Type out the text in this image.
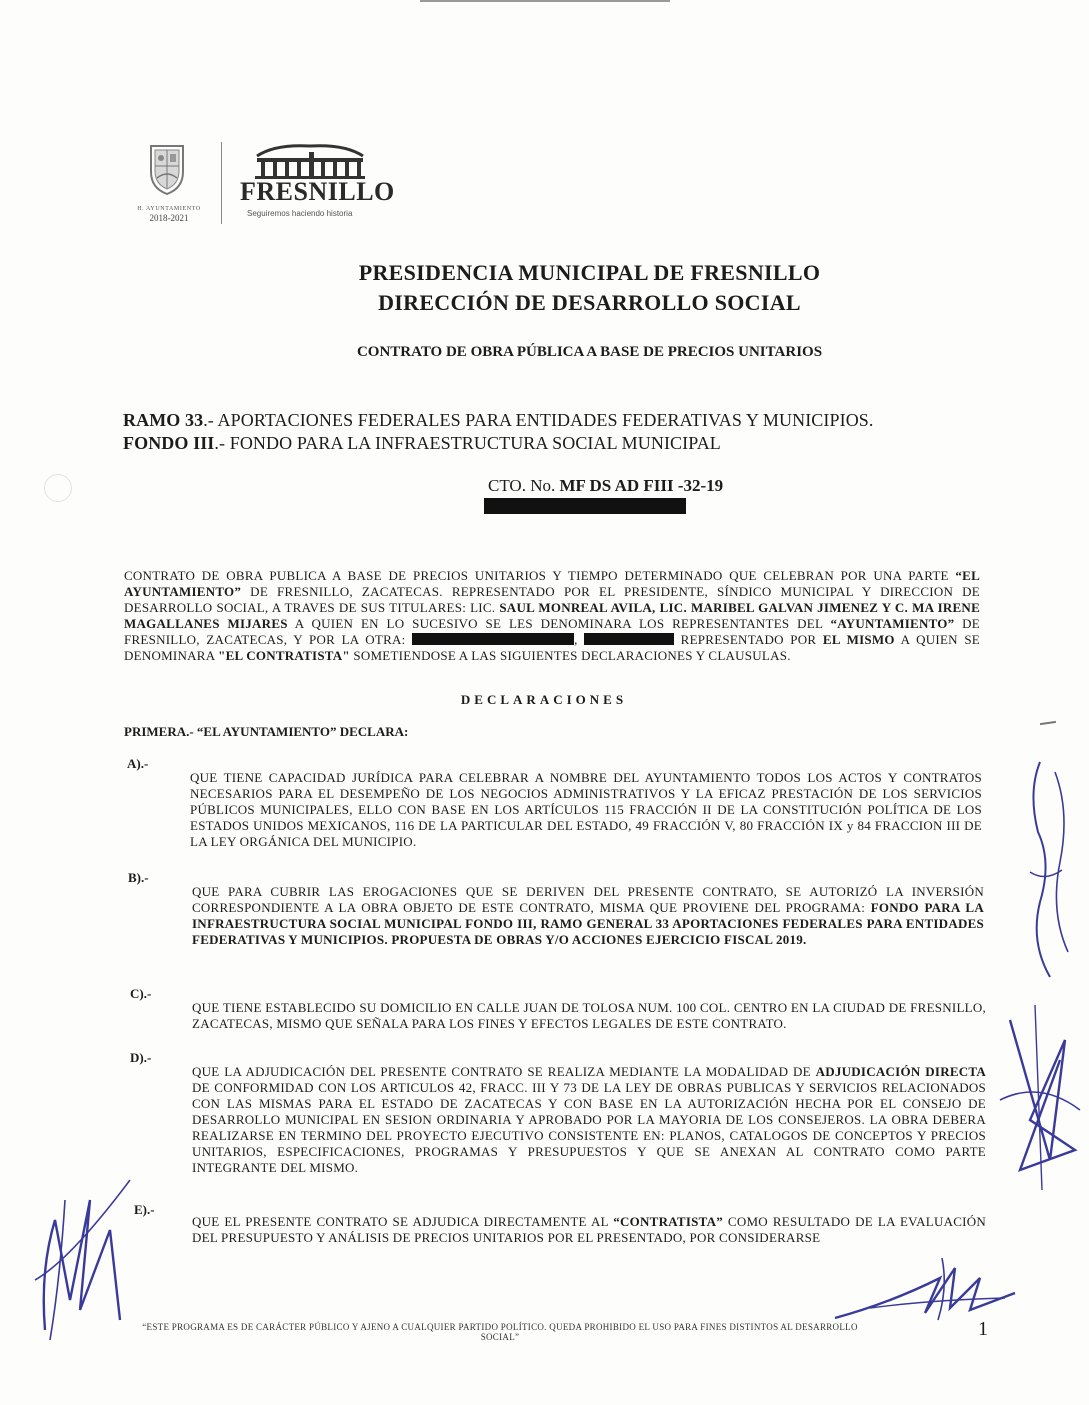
H. AYUNTAMIENTO
2018-2021
FRESNILLO
Seguiremos haciendo historia
PRESIDENCIA MUNICIPAL DE FRESNILLO
DIRECCIÓN DE DESARROLLO SOCIAL
CONTRATO DE OBRA PÚBLICA A BASE DE PRECIOS UNITARIOS
RAMO 33.- APORTACIONES FEDERALES PARA ENTIDADES FEDERATIVAS Y MUNICIPIOS.
FONDO III.- FONDO PARA LA INFRAESTRUCTURA SOCIAL MUNICIPAL
CTO. No. MF DS AD FIII -32-19
CONTRATO DE OBRA PUBLICA A BASE DE PRECIOS UNITARIOS Y TIEMPO DETERMINADO QUE CELEBRAN POR UNA PARTE “EL AYUNTAMIENTO” DE FRESNILLO, ZACATECAS. REPRESENTADO POR EL PRESIDENTE, SÍNDICO MUNICIPAL Y DIRECCION DE DESARROLLO SOCIAL, A TRAVES DE SUS TITULARES: LIC. SAUL MONREAL AVILA, LIC. MARIBEL GALVAN JIMENEZ Y C. MA IRENE MAGALLANES MIJARES A QUIEN EN LO SUCESIVO SE LES DENOMINARA LOS REPRESENTANTES DEL “AYUNTAMIENTO” DE FRESNILLO, ZACATECAS, Y POR LA OTRA:	,	REPRESENTADO POR EL MISMO A QUIEN SE DENOMINARA "EL CONTRATISTA" SOMETIENDOSE A LAS SIGUIENTES DECLARACIONES Y CLAUSULAS.
DECLARACIONES
PRIMERA.- “EL AYUNTAMIENTO” DECLARA:
A).-
QUE TIENE CAPACIDAD JURÍDICA PARA CELEBRAR A NOMBRE DEL AYUNTAMIENTO TODOS LOS ACTOS Y CONTRATOS NECESARIOS PARA EL DESEMPEÑO DE LOS NEGOCIOS ADMINISTRATIVOS Y LA EFICAZ PRESTACIÓN DE LOS SERVICIOS PÚBLICOS MUNICIPALES, ELLO CON BASE EN LOS ARTÍCULOS 115 FRACCIÓN II DE LA CONSTITUCIÓN POLÍTICA DE LOS ESTADOS UNIDOS MEXICANOS, 116 DE LA PARTICULAR DEL ESTADO, 49 FRACCIÓN V, 80 FRACCIÓN IX y 84 FRACCION III DE LA LEY ORGÁNICA DEL MUNICIPIO.
B).-
QUE PARA CUBRIR LAS EROGACIONES QUE SE DERIVEN DEL PRESENTE CONTRATO, SE AUTORIZÓ LA INVERSIÓN CORRESPONDIENTE A LA OBRA OBJETO DE ESTE CONTRATO, MISMA QUE PROVIENE DEL PROGRAMA: FONDO PARA LA INFRAESTRUCTURA SOCIAL MUNICIPAL FONDO III, RAMO GENERAL 33 APORTACIONES FEDERALES PARA ENTIDADES FEDERATIVAS Y MUNICIPIOS. PROPUESTA DE OBRAS Y/O ACCIONES EJERCICIO FISCAL 2019.
C).-
QUE TIENE ESTABLECIDO SU DOMICILIO EN CALLE JUAN DE TOLOSA NUM. 100 COL. CENTRO EN LA CIUDAD DE FRESNILLO, ZACATECAS, MISMO QUE SEÑALA PARA LOS FINES Y EFECTOS LEGALES DE ESTE CONTRATO.
D).-
QUE LA ADJUDICACIÓN DEL PRESENTE CONTRATO SE REALIZA MEDIANTE LA MODALIDAD DE ADJUDICACIÓN DIRECTA DE CONFORMIDAD CON LOS ARTICULOS 42, FRACC. III Y 73 DE LA LEY DE OBRAS PUBLICAS Y SERVICIOS RELACIONADOS CON LAS MISMAS PARA EL ESTADO DE ZACATECAS Y CON BASE EN LA AUTORIZACIÓN HECHA POR EL CONSEJO DE DESARROLLO MUNICIPAL EN SESION ORDINARIA Y APROBADO POR LA MAYORIA DE LOS CONSEJEROS. LA OBRA DEBERA REALIZARSE EN TERMINO DEL PROYECTO EJECUTIVO CONSISTENTE EN: PLANOS, CATALOGOS DE CONCEPTOS Y PRECIOS UNITARIOS, ESPECIFICACIONES, PROGRAMAS Y PRESUPUESTOS Y QUE SE ANEXAN AL CONTRATO COMO PARTE INTEGRANTE DEL MISMO.
E).-
QUE EL PRESENTE CONTRATO SE ADJUDICA DIRECTAMENTE AL “CONTRATISTA” COMO RESULTADO DE LA EVALUACIÓN DEL PRESUPUESTO Y ANÁLISIS DE PRECIOS UNITARIOS POR EL PRESENTADO, POR CONSIDERARSE
“ESTE PROGRAMA ES DE CARÁCTER PÚBLICO Y AJENO A CUALQUIER PARTIDO POLÍTICO. QUEDA PROHIBIDO EL USO PARA FINES DISTINTOS AL DESARROLLO SOCIAL”	1
